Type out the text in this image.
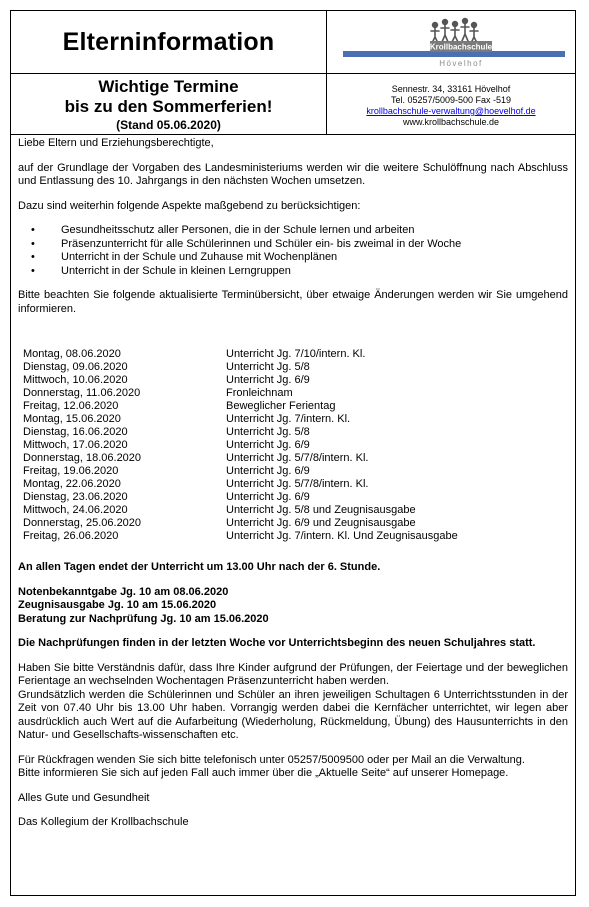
Elterninformation	Krollbachschule
Hövelhof
Wichtige Termine
bis zu den Sommerferien!
(Stand 05.06.2020)
Sennestr. 34, 33161 Hövelhof
Tel. 05257/5009-500 Fax -519
krollbachschule-verwaltung@hoevelhof.de
www.krollbachschule.de

Liebe Eltern und Erziehungsberechtigte,

auf der Grundlage der Vorgaben des Landesministeriums werden wir die weitere Schulöffnung nach Abschluss und Entlassung des 10. Jahrgangs in den nächsten Wochen umsetzen.

Dazu sind weiterhin folgende Aspekte maßgebend zu berücksichtigen:

• Gesundheitsschutz aller Personen, die in der Schule lernen und arbeiten
• Präsenzunterricht für alle Schülerinnen und Schüler ein- bis zweimal in der Woche
• Unterricht in der Schule und Zuhause mit Wochenplänen
• Unterricht in der Schule in kleinen Lerngruppen

Bitte beachten Sie folgende aktualisierte Terminübersicht, über etwaige Änderungen werden wir Sie umgehend informieren.

Montag, 08.06.2020	Unterricht Jg. 7/10/intern. Kl.
Dienstag, 09.06.2020	Unterricht Jg. 5/8
Mittwoch, 10.06.2020	Unterricht Jg. 6/9
Donnerstag, 11.06.2020	Fronleichnam
Freitag, 12.06.2020	Beweglicher Ferientag
Montag, 15.06.2020	Unterricht Jg. 7/intern. Kl.
Dienstag, 16.06.2020	Unterricht Jg. 5/8
Mittwoch, 17.06.2020	Unterricht Jg. 6/9
Donnerstag, 18.06.2020	Unterricht Jg. 5/7/8/intern. Kl.
Freitag, 19.06.2020	Unterricht Jg. 6/9
Montag, 22.06.2020	Unterricht Jg. 5/7/8/intern. Kl.
Dienstag, 23.06.2020	Unterricht Jg. 6/9
Mittwoch, 24.06.2020	Unterricht Jg. 5/8 und Zeugnisausgabe
Donnerstag, 25.06.2020	Unterricht Jg. 6/9 und Zeugnisausgabe
Freitag, 26.06.2020	Unterricht Jg. 7/intern. Kl. Und Zeugnisausgabe

An allen Tagen endet der Unterricht um 13.00 Uhr nach der 6. Stunde.

Notenbekanntgabe Jg. 10 am 08.06.2020

Zeugnisausgabe Jg. 10 am 15.06.2020

Beratung zur Nachprüfung Jg. 10 am 15.06.2020

Die Nachprüfungen finden in der letzten Woche vor Unterrichtsbeginn des neuen Schuljahres statt.

Haben Sie bitte Verständnis dafür, dass Ihre Kinder aufgrund der Prüfungen, der Feiertage und der beweglichen Ferientage an wechselnden Wochentagen Präsenzunterricht haben werden.

Grundsätzlich werden die Schülerinnen und Schüler an ihren jeweiligen Schultagen 6 Unterrichtsstunden in der Zeit von 07.40 Uhr bis 13.00 Uhr haben. Vorrangig werden dabei die Kernfächer unterrichtet, wir legen aber ausdrücklich auch Wert auf die Aufarbeitung (Wiederholung, Rückmeldung, Übung) des Hausunterrichts in den Natur- und Gesellschafts-wissenschaften etc.

Für Rückfragen wenden Sie sich bitte telefonisch unter 05257/5009500 oder per Mail an die Verwaltung.

Bitte informieren Sie sich auf jeden Fall auch immer über die „Aktuelle Seite“ auf unserer Homepage.

Alles Gute und Gesundheit

Das Kollegium der Krollbachschule
